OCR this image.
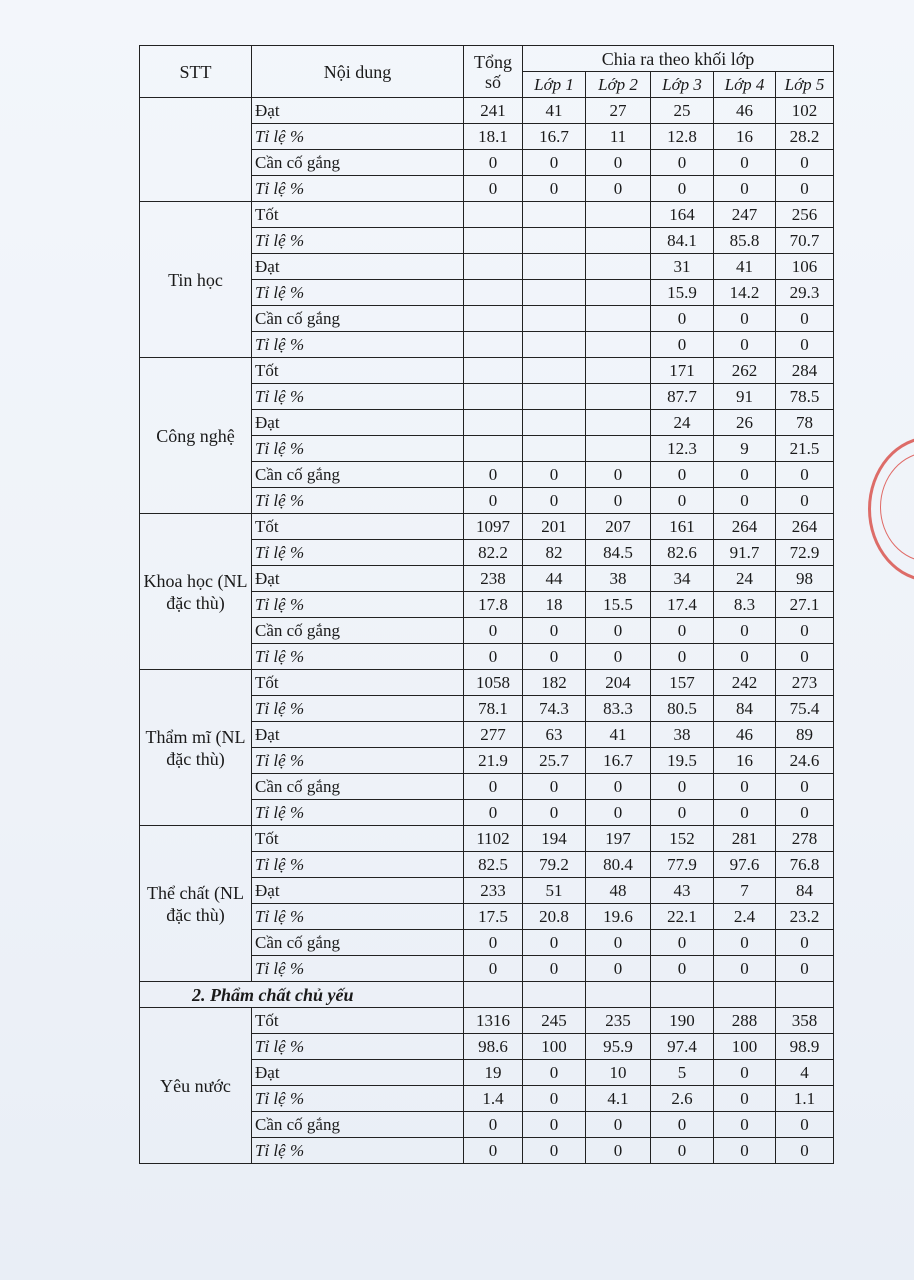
STT	Nội dung	Tổng số	Chia ra theo khối lớp				
			Lớp 1	Lớp 2	Lớp 3	Lớp 4	Lớp 5
	Đạt	241	41	27	25	46	102
	Tỉ lệ %	18.1	16.7	11	12.8	16	28.2
	Cần cố gắng	0	0	0	0	0	0
	Tỉ lệ %	0	0	0	0	0	0
Tin học	Tốt				164	247	256
	Tỉ lệ %				84.1	85.8	70.7
	Đạt				31	41	106
	Tỉ lệ %				15.9	14.2	29.3
	Cần cố gắng				0	0	0
	Tỉ lệ %				0	0	0
Công nghệ	Tốt				171	262	284
	Tỉ lệ %				87.7	91	78.5
	Đạt				24	26	78
	Tỉ lệ %				12.3	9	21.5
	Cần cố gắng	0	0	0	0	0	0
	Tỉ lệ %	0	0	0	0	0	0
Khoa học (NL đặc thù)	Tốt	1097	201	207	161	264	264
	Tỉ lệ %	82.2	82	84.5	82.6	91.7	72.9
	Đạt	238	44	38	34	24	98
	Tỉ lệ %	17.8	18	15.5	17.4	8.3	27.1
	Cần cố gắng	0	0	0	0	0	0
	Tỉ lệ %	0	0	0	0	0	0
Thẩm mĩ (NL đặc thù)	Tốt	1058	182	204	157	242	273
	Tỉ lệ %	78.1	74.3	83.3	80.5	84	75.4
	Đạt	277	63	41	38	46	89
	Tỉ lệ %	21.9	25.7	16.7	19.5	16	24.6
	Cần cố gắng	0	0	0	0	0	0
	Tỉ lệ %	0	0	0	0	0	0
Thể chất (NL đặc thù)	Tốt	1102	194	197	152	281	278
	Tỉ lệ %	82.5	79.2	80.4	77.9	97.6	76.8
	Đạt	233	51	48	43	7	84
	Tỉ lệ %	17.5	20.8	19.6	22.1	2.4	23.2
	Cần cố gắng	0	0	0	0	0	0
	Tỉ lệ %	0	0	0	0	0	0
2. Phẩm chất chủ yếu							
Yêu nước	Tốt	1316	245	235	190	288	358
	Tỉ lệ %	98.6	100	95.9	97.4	100	98.9
	Đạt	19	0	10	5	0	4
	Tỉ lệ %	1.4	0	4.1	2.6	0	1.1
	Cần cố gắng	0	0	0	0	0	0
	Tỉ lệ %	0	0	0	0	0	0
